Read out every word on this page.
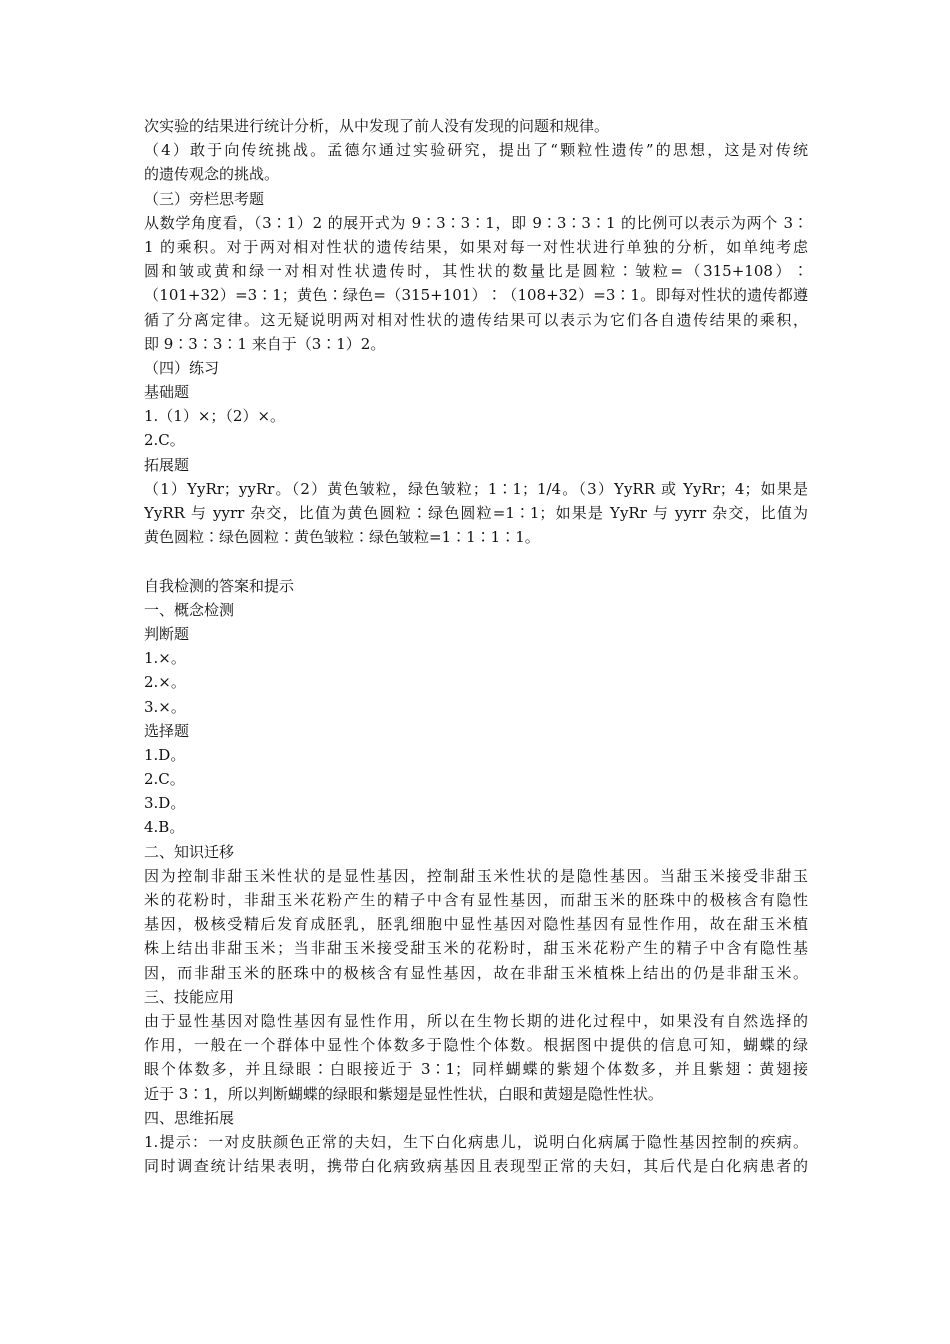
次实验的结果进行统计分析，从中发现了前人没有发现的问题和规律。
（4）敢于向传统挑战。孟德尔通过实验研究，提出了“颗粒性遗传”的思想，这是对传统
的遗传观念的挑战。
（三）旁栏思考题
从数学角度看，（3∶1）2 的展开式为 9∶3∶3∶1，即 9∶3∶3∶1 的比例可以表示为两个 3∶
1 的乘积。对于两对相对性状的遗传结果，如果对每一对性状进行单独的分析，如单纯考虑
圆和皱或黄和绿一对相对性状遗传时，其性状的数量比是圆粒∶皱粒=（315+108）∶
（101+32）=3∶1；黄色∶绿色=（315+101）∶（108+32）=3∶1。即每对性状的遗传都遵
循了分离定律。这无疑说明两对相对性状的遗传结果可以表示为它们各自遗传结果的乘积，
即 9∶3∶3∶1 来自于（3∶1）2。
（四）练习
基础题
1.（1）×；（2）×。
2.C。
拓展题
（1）YyRr；yyRr。（2）黄色皱粒，绿色皱粒；1∶1；1/4。（3）YyRR 或 YyRr；4；如果是
YyRR 与 yyrr 杂交，比值为黄色圆粒∶绿色圆粒=1∶1；如果是 YyRr 与 yyrr 杂交，比值为
黄色圆粒∶绿色圆粒∶黄色皱粒∶绿色皱粒=1∶1∶1∶1。
自我检测的答案和提示
一、概念检测
判断题
1.×。
2.×。
3.×。
选择题
1.D。
2.C。
3.D。
4.B。
二、知识迁移
因为控制非甜玉米性状的是显性基因，控制甜玉米性状的是隐性基因。当甜玉米接受非甜玉
米的花粉时，非甜玉米花粉产生的精子中含有显性基因，而甜玉米的胚珠中的极核含有隐性
基因，极核受精后发育成胚乳，胚乳细胞中显性基因对隐性基因有显性作用，故在甜玉米植
株上结出非甜玉米；当非甜玉米接受甜玉米的花粉时，甜玉米花粉产生的精子中含有隐性基
因，而非甜玉米的胚珠中的极核含有显性基因，故在非甜玉米植株上结出的仍是非甜玉米。
三、技能应用
由于显性基因对隐性基因有显性作用，所以在生物长期的进化过程中，如果没有自然选择的
作用，一般在一个群体中显性个体数多于隐性个体数。根据图中提供的信息可知，蝴蝶的绿
眼个体数多，并且绿眼∶白眼接近于 3∶1；同样蝴蝶的紫翅个体数多，并且紫翅∶黄翅接
近于 3∶1，所以判断蝴蝶的绿眼和紫翅是显性性状，白眼和黄翅是隐性性状。
四、思维拓展
1.提示：一对皮肤颜色正常的夫妇，生下白化病患儿，说明白化病属于隐性基因控制的疾病。
同时调查统计结果表明，携带白化病致病基因且表现型正常的夫妇，其后代是白化病患者的
